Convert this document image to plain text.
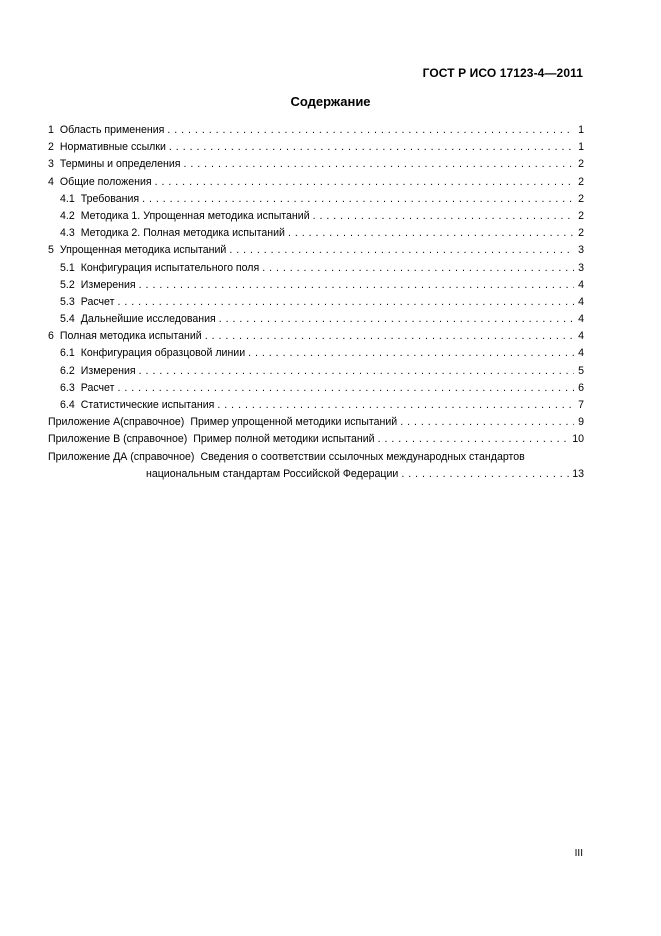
ГОСТ Р ИСО 17123-4—2011
Содержание
1 Область применения . . .	1
2 Нормативные ссылки . . .	1
3 Термины и определения . . .	2
4 Общие положения . . .	2
4.1 Требования . . .	2
4.2 Методика 1. Упрощенная методика испытаний . . .	2
4.3 Методика 2. Полная методика испытаний . . .	2
5 Упрощенная методика испытаний . . .	3
5.1 Конфигурация испытательного поля . . .	3
5.2 Измерения . . .	4
5.3 Расчет . . .	4
5.4 Дальнейшие исследования . . .	4
6 Полная методика испытаний . . .	4
6.1 Конфигурация образцовой линии . . .	4
6.2 Измерения . . .	5
6.3 Расчет . . .	6
6.4 Статистические испытания . . .	7
Приложение А(справочное) Пример упрощенной методики испытаний . . .	9
Приложение В (справочное) Пример полной методики испытаний . . .	10
Приложение ДА (справочное) Сведения о соответствии ссылочных международных стандартов
национальным стандартам Российской Федерации . . .	13
III
